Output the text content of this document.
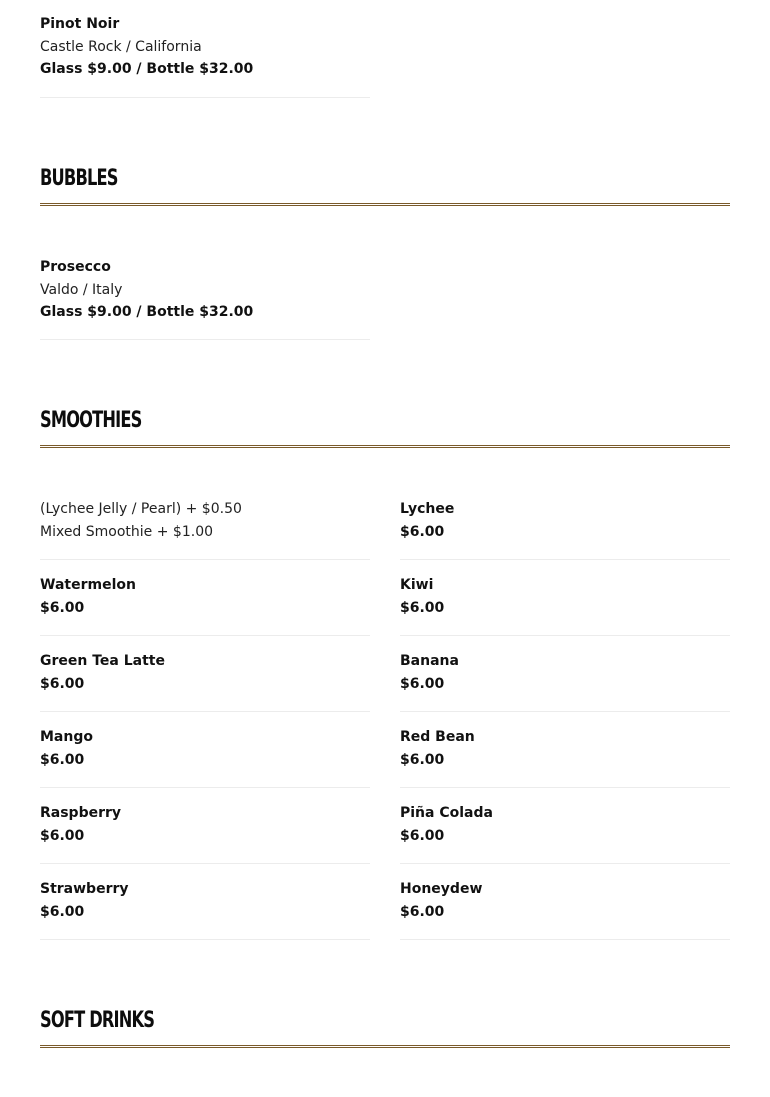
Pinot Noir
Castle Rock / California
Glass $9.00 / Bottle $32.00
BUBBLES
Prosecco
Valdo / Italy
Glass $9.00 / Bottle $32.00
SMOOTHIES
(Lychee Jelly / Pearl) + $0.50
Mixed Smoothie + $1.00
Lychee
$6.00
Watermelon
$6.00
Kiwi
$6.00
Green Tea Latte
$6.00
Banana
$6.00
Mango
$6.00
Red Bean
$6.00
Raspberry
$6.00
Piña Colada
$6.00
Strawberry
$6.00
Honeydew
$6.00
SOFT DRINKS
